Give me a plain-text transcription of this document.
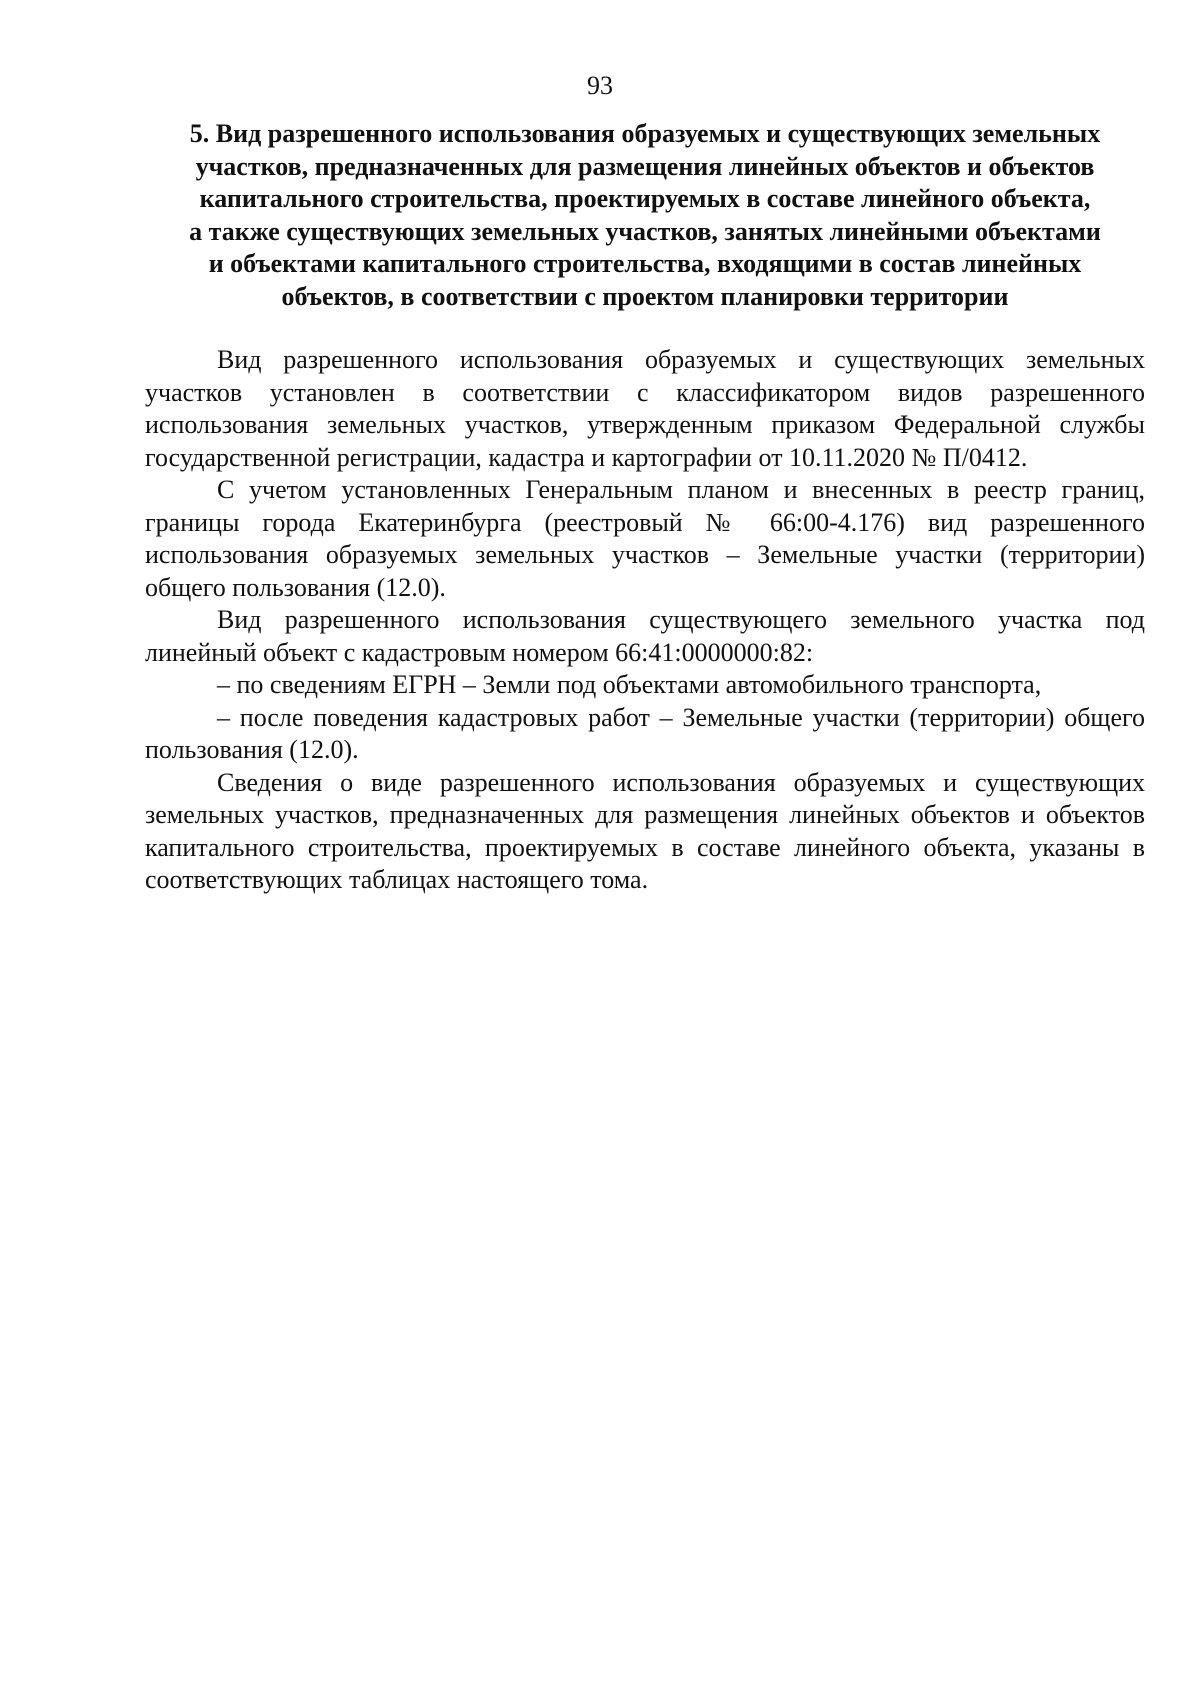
93
5. Вид разрешенного использования образуемых и существующих земельных
участков, предназначенных для размещения линейных объектов и объектов
капитального строительства, проектируемых в составе линейного объекта,
а также существующих земельных участков, занятых линейными объектами
и объектами капитального строительства, входящими в состав линейных
объектов, в соответствии с проектом планировки территории

Вид разрешенного использования образуемых и существующих земельных участков установлен в соответствии с классификатором видов разрешенного использования земельных участков, утвержденным приказом Федеральной службы государственной регистрации, кадастра и картографии от 10.11.2020 № П/0412.

С учетом установленных Генеральным планом и внесенных в реестр границ, границы города Екатеринбурга (реестровый № 66:00-4.176) вид разрешенного использования образуемых земельных участков – Земельные участки (территории) общего пользования (12.0).

Вид разрешенного использования существующего земельного участка под линейный объект с кадастровым номером 66:41:0000000:82:

– по сведениям ЕГРН – Земли под объектами автомобильного транспорта,

– после поведения кадастровых работ – Земельные участки (территории) общего пользования (12.0).

Сведения о виде разрешенного использования образуемых и существующих земельных участков, предназначенных для размещения линейных объектов и объектов капитального строительства, проектируемых в составе линейного объекта, указаны в соответствующих таблицах настоящего тома.
